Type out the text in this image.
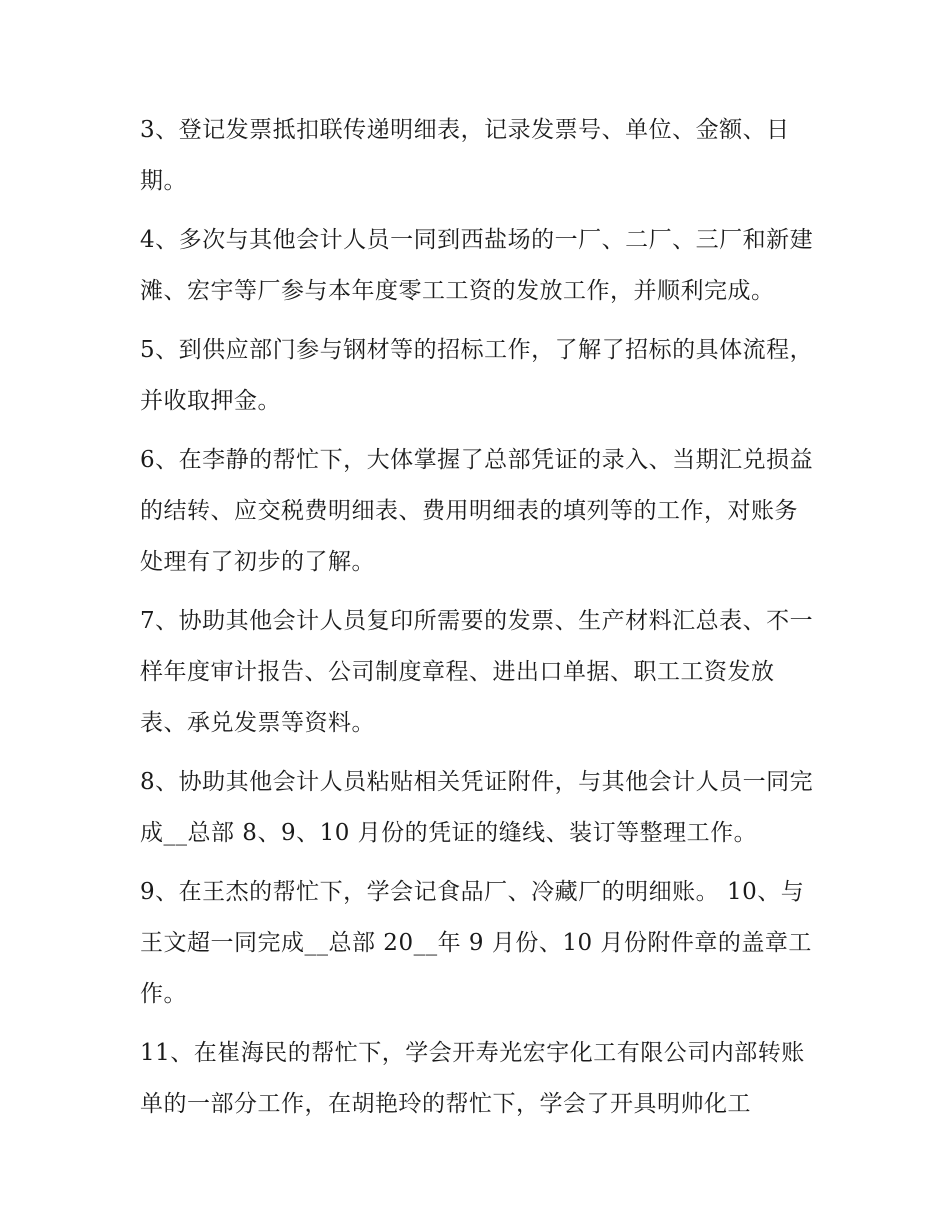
3、登记发票抵扣联传递明细表，记录发票号、单位、金额、日期。

4、多次与其他会计人员一同到西盐场的一厂、二厂、三厂和新建滩、宏宇等厂参与本年度零工工资的发放工作，并顺利完成。

5、到供应部门参与钢材等的招标工作，了解了招标的具体流程，并收取押金。

6、在李静的帮忙下，大体掌握了总部凭证的录入、当期汇兑损益的结转、应交税费明细表、费用明细表的填列等的工作，对账务处理有了初步的了解。

7、协助其他会计人员复印所需要的发票、生产材料汇总表、不一样年度审计报告、公司制度章程、进出口单据、职工工资发放表、承兑发票等资料。

8、协助其他会计人员粘贴相关凭证附件，与其他会计人员一同完成__总部 8、9、10 月份的凭证的缝线、装订等整理工作。

9、在王杰的帮忙下，学会记食品厂、冷藏厂的明细账。 10、与王文超一同完成__总部 20__年 9 月份、10 月份附件章的盖章工作。

11、在崔海民的帮忙下，学会开寿光宏宇化工有限公司内部转账单的一部分工作，在胡艳玲的帮忙下，学会了开具明帅化工
